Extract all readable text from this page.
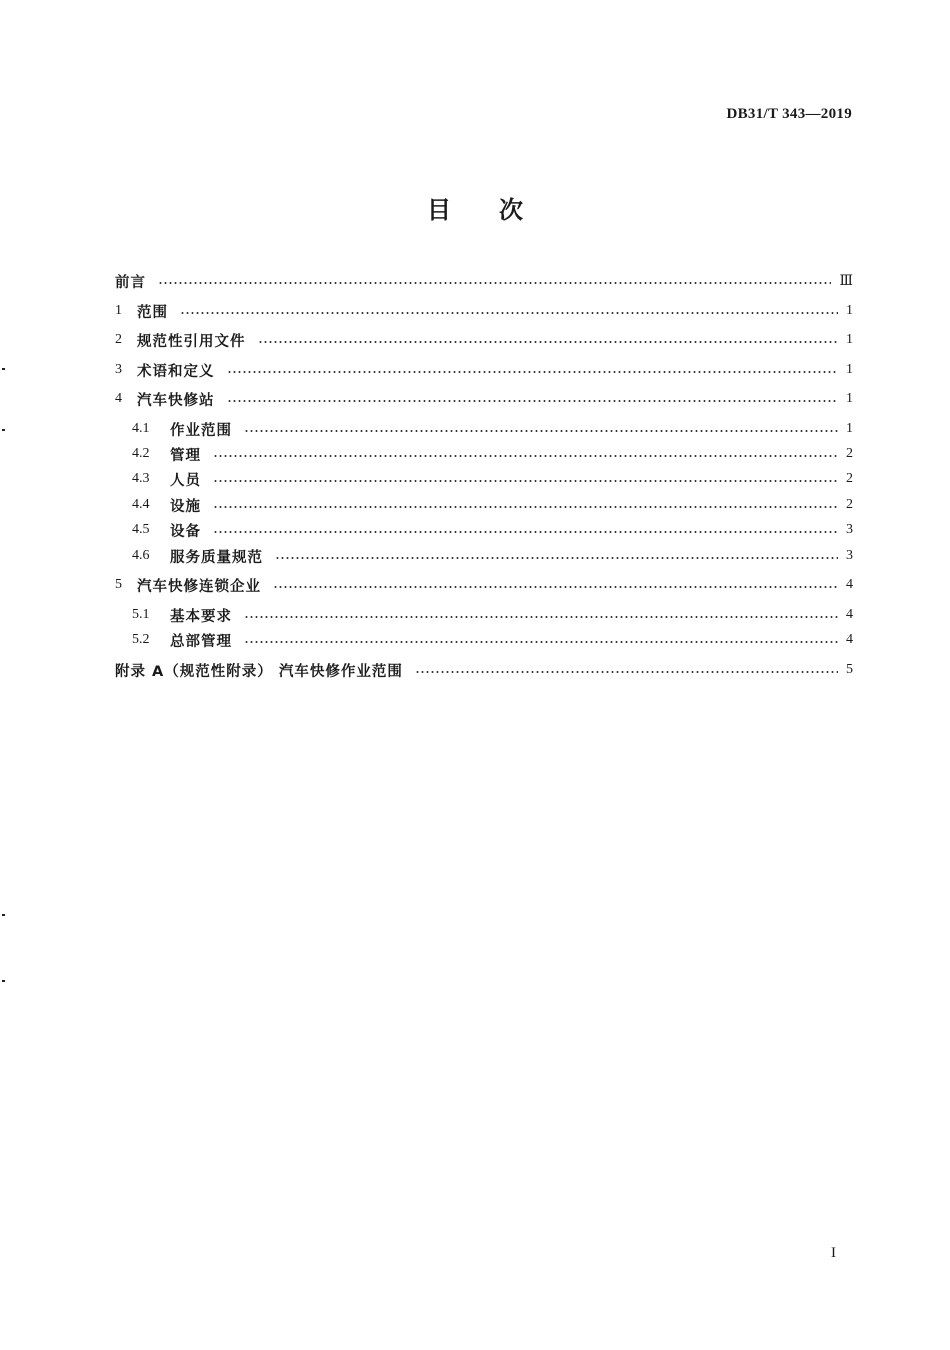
DB31/T 343—2019
目 次
前言	Ⅲ
1	范围	1
2	规范性引用文件	1
3	术语和定义	1
4	汽车快修站	1
4.1	作业范围	1
4.2	管理	2
4.3	人员	2
4.4	设施	2
4.5	设备	3
4.6	服务质量规范	3
5	汽车快修连锁企业	4
5.1	基本要求	4
5.2	总部管理	4
附录 A（规范性附录） 汽车快修作业范围	5
I
